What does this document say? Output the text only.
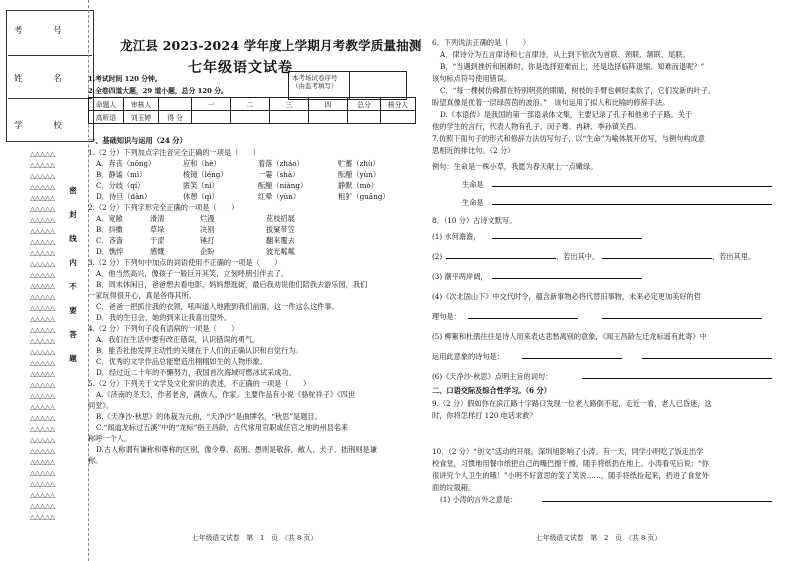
考 号
姓 名
学 校
密
封
线
内
不
要
答
题
△△△△△
△△△△△
△△△△△
△△△△△
△△△△△
△△△△△
△△△△△
△△△△△
△△△△△
△△△△△
△△△△△
△△△△△
△△△△△
△△△△△
△△△△△
△△△△△
△△△△△
△△△△△
△△△△△
△△△△△
△△△△△
△△△△△
△△△△△
△△△△△
△△△△△
△△△△△
△△△△△
△△△△△
△△△△△
△△△△△
△△△△△
△△△△△
△△△△△
△△△△△
龙江县 2023-2024 学年度上学期月考教学质量抽测
七年级语文试卷
1.考试时间 120 分钟。
2.全卷四道大题，29 道小题，总分 120 分。
本考场试卷序号
（由监考填写）
命题人	审核人		一	二	三	四	总分	核分人
高昕语	刘玉婷	得 分						
一、基础知识与运用（24 分）
1.（2 分）下列加点字注音完全正确的一项是（　　）
A．奔丧（nōng）	应和（hè）	着落（zháo）	贮蓄（zhù）
B．静谧（mì）	棱镜（léng）	一霎（shà）	酝酿（yùn）
C．分歧（qí）	匿笑（nì）	酝酿（niàng）	静默（mò）
D．待旦（dàn）	休憩（qì）	红晕（yùn）	粗犷（guǎng）
2.（2 分）下列字形完全正确的一项是（　　）
A．宽敞	滑清	烂漫	花枝招展
B．抖擞	草垛	决别	拔窠带笠
C．吝啬	干涩	锤打	翻来覆去
D．憔悴	感慨	企盼	波光粼粼
3.（2 分）下列句中加点的词语使用不正确的一项是（　　）
A．他当然高兴，像孩子一般巨开其笑，立刻呼朋引伴去了。
B．周末休闲日，爸爸想去看电影，妈妈想逛街，最后我劝说他们陪我去游乐园，我们
一家玩得很开心，真是各得其所。
C．爸爸一把抓住我的衣领，吼叫道人地跑到我们前面，这一件这么这件事。
D．我的生日会，她的到来让我喜出望外。
4.（2 分）下列句子没有语病的一项是（　　）
A．我们在生活中要有改正错误，认识错误的勇气。
B．能否社他发挥主动性的关键在于人们的正确认识和自觉行为。
C．优秀的文学作品总能塑造出栩栩如生的人物形象。
D．经过近二十年的不懈努力，我国首次海域可燃冰试采成功。
5.（2 分）下列关于文学及文化常识的表述，不正确的一项是（　　）
A.《济南的冬天》，作者老舍，满族人，作家。主要作品有小说《骆驼祥子》《四世
同堂》。
B.《天净沙·秋思》的体裁为元曲，“天净沙”是曲牌名，“秋思”是题目。
C.“闻道龙标过五溪”中的“龙标”指王昌龄，古代常用官职或任官之地的州县名来
称呼一个人。
D.古人称谓有谦称和尊称的区别，像令尊、高朋、愚则是敬辞，敝人、犬子、拙荆则是谦
称。
七年级语文试卷　第　1　页　（共 8 页）
6．下列说法正确的是（　　）
A．律诗分为五言律诗和七言律诗，从上到下依次为首联、颈联、颔联、尾联。
B．“当遇到挫折和困难时，你是选择迎难而上，还是选择临阵退缩、知难而退呢？”
该句标点符号使用错误。
C．“每一棵树仿佛都在特别明亮的眼睛，树枝的手臂也顿时柔软了，它们发新的叶子，
盼望真像是优着一层绿茵茵的波浪。”　该句运用了拟人和比喻的修辞手法。
D.《本语传》是我国的第一部语录体文集，主要记录了孔子和他弟子子路。关于
他的学生的言行，代表人物有孔子、闵子骞、冉耕、季孙镇关西。
7.仿照下面句子的形式和修辞方法仿写句子，以“生命”为喻体展开仿写，与例句构成意
思相近的排比句。（2 分）
例句：生命是一株小草，我愿为春天献上一点嫩绿。
生命是
生命是
8．（10 分）古诗文默写。
(1) 水何澹澹，
(2)	，若出其中。	，若出其里。
(3) 潮平两岸阔，
(4)《次北固山下》中交代时令，蕴含新事物必将代替旧事物，未来必定更加美好的哲
理句是：
(5) 柳絮和杜鹃往往是诗人用来表达悲愁离别的意象，《闻王昌龄左迁龙标遥有此寄》中
运用此意象的诗句是：
(6)《天净沙·秋思》点明主旨的词句：
二、口语交际及综合性学习。（6 分）
9.（2 分）假如你在滨江路十字路口发现一位老人路倒不起，走近一看，老人已昏迷，这
时，你将怎样打 120 电话求救？
10．（2 分）“创文”活动的开展，深圳旭影响了小涛。有一天，同学小明吃了饭走出学
校食堂，习惯地用餐巾纸把自己的嘴巴擦干擦，随手将纸扔在地上。小涛看见后说：“你
很讲究个人卫生的哦！”小明不好意思的笑了笑说……，随手将纸捡起来，扔进了食堂外
面的垃圾箱。
(1) 小涛的言外之意是：
七年级语文试卷　第　2　页　（共 8 页）
